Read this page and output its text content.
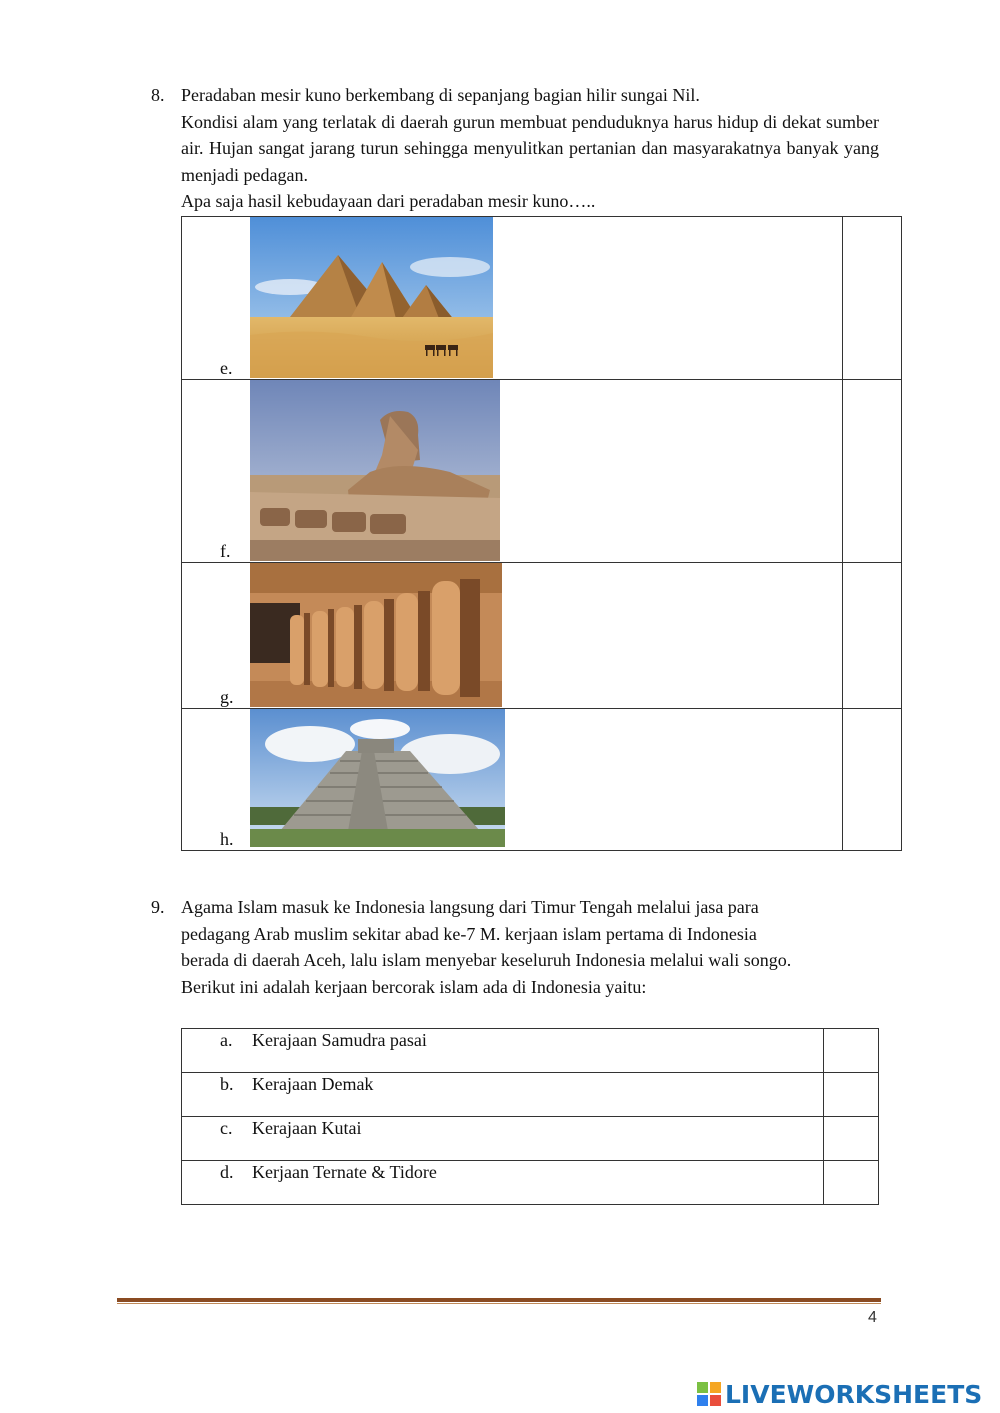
8. Peradaban mesir kuno berkembang di sepanjang bagian hilir sungai Nil.

Kondisi alam yang terlatak di daerah gurun membuat penduduknya harus hidup di dekat sumber air. Hujan sangat jarang turun sehingga menyulitkan pertanian dan masyarakatnya banyak yang menjadi pedagan.

Apa saja hasil kebudayaan dari peradaban mesir kuno…..

e.	

f.	

g.	

h.	

9. Agama Islam masuk ke Indonesia langsung dari Timur Tengah melalui jasa para

pedagang Arab muslim sekitar abad ke-7 M. kerjaan islam pertama di Indonesia

berada di daerah Aceh, lalu islam menyebar keseluruh Indonesia melalui wali songo.

Berikut ini adalah kerjaan bercorak islam ada di Indonesia yaitu:

a. Kerajaan Samudra pasai	

b. Kerajaan Demak	

c. Kerajaan Kutai	

d. Kerjaan Ternate & Tidore	

4
LIVEWORKSHEETS
